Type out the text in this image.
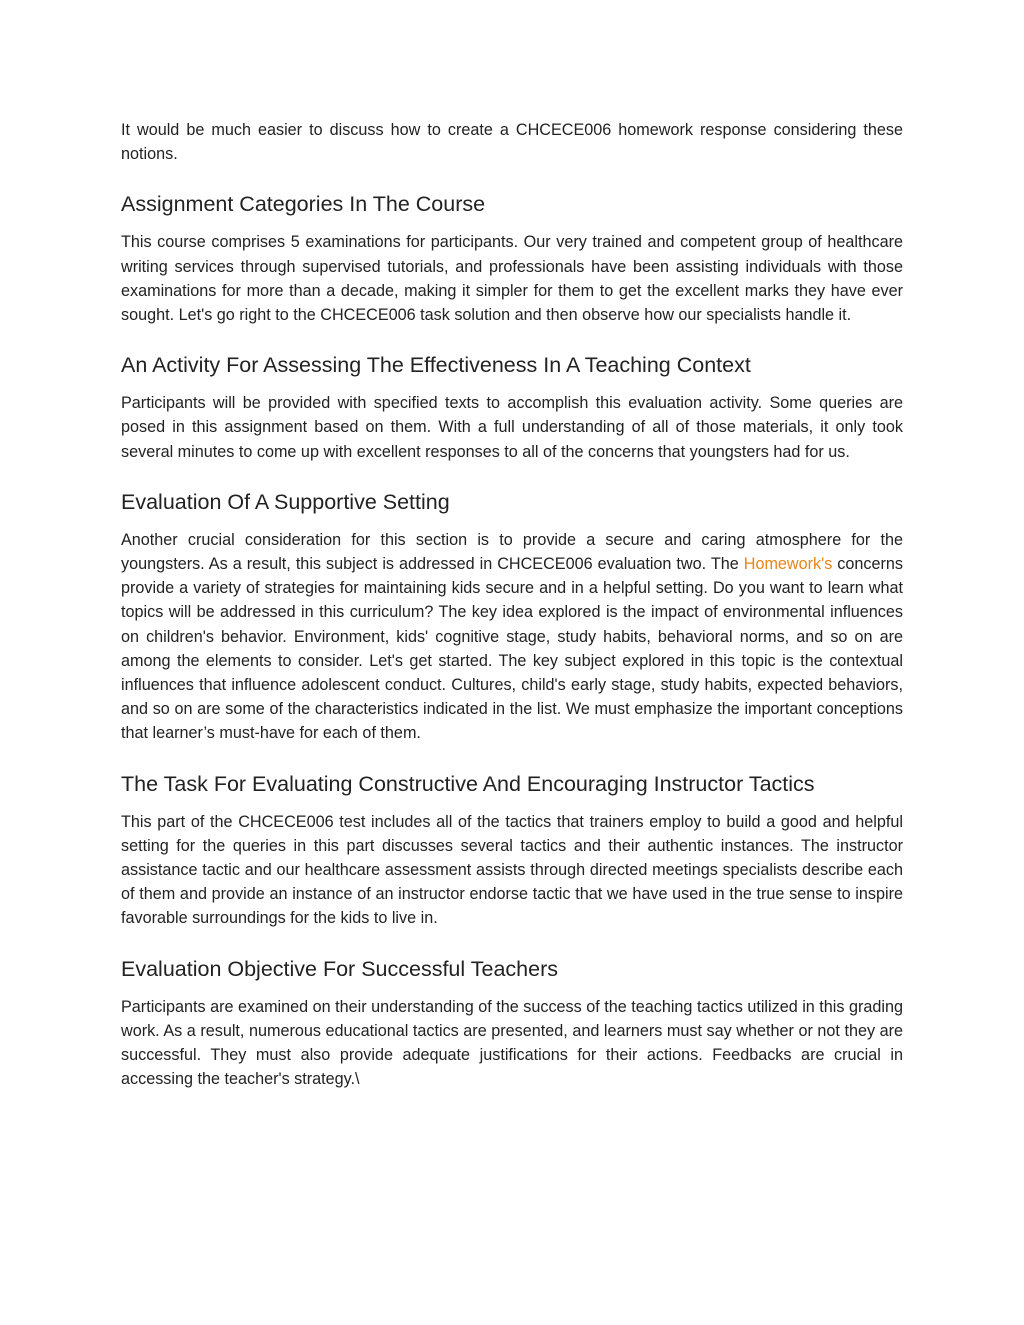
It would be much easier to discuss how to create a CHCECE006 homework response considering these notions.

Assignment Categories In The Course

This course comprises 5 examinations for participants. Our very trained and competent group of healthcare writing services through supervised tutorials, and professionals have been assisting individuals with those examinations for more than a decade, making it simpler for them to get the excellent marks they have ever sought. Let's go right to the CHCECE006 task solution and then observe how our specialists handle it.

An Activity For Assessing The Effectiveness In A Teaching Context

Participants will be provided with specified texts to accomplish this evaluation activity. Some queries are posed in this assignment based on them. With a full understanding of all of those materials, it only took several minutes to come up with excellent responses to all of the concerns that youngsters had for us.

Evaluation Of A Supportive Setting

Another crucial consideration for this section is to provide a secure and caring atmosphere for the youngsters. As a result, this subject is addressed in CHCECE006 evaluation two. The Homework's concerns provide a variety of strategies for maintaining kids secure and in a helpful setting. Do you want to learn what topics will be addressed in this curriculum? The key idea explored is the impact of environmental influences on children's behavior. Environment, kids' cognitive stage, study habits, behavioral norms, and so on are among the elements to consider. Let's get started. The key subject explored in this topic is the contextual influences that influence adolescent conduct. Cultures, child's early stage, study habits, expected behaviors, and so on are some of the characteristics indicated in the list. We must emphasize the important conceptions that learner’s must-have for each of them.

The Task For Evaluating Constructive And Encouraging Instructor Tactics

This part of the CHCECE006 test includes all of the tactics that trainers employ to build a good and helpful setting for the queries in this part discusses several tactics and their authentic instances. The instructor assistance tactic and our healthcare assessment assists through directed meetings specialists describe each of them and provide an instance of an instructor endorse tactic that we have used in the true sense to inspire favorable surroundings for the kids to live in.

Evaluation Objective For Successful Teachers

Participants are examined on their understanding of the success of the teaching tactics utilized in this grading work. As a result, numerous educational tactics are presented, and learners must say whether or not they are successful. They must also provide adequate justifications for their actions. Feedbacks are crucial in accessing the teacher's strategy.\
